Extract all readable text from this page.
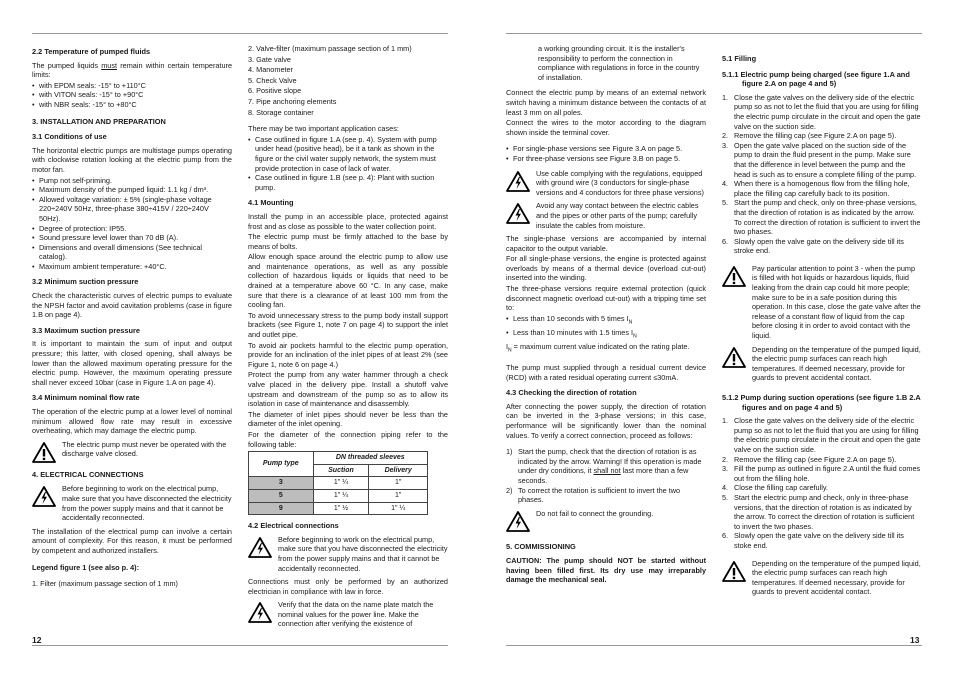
12	13
2.2 Temperature of pumped fluids

The pumped liquids must remain within certain temperature limits:

• with EPDM seals: -15° to +110°C
• with VITON seals: -15° to +90°C
• with NBR seals: -15° to +80°C
3. INSTALLATION AND PREPARATION
3.1 Conditions of use

The horizontal electric pumps are multistage pumps operating with clockwise rotation looking at the electric pump from the motor fan.

• Pump not self-priming.
• Maximum density of the pumped liquid: 1.1 kg / dm³.
• Allowed voltage variation: ± 5% (single-phase voltage 220÷240V 50Hz, three-phase 380÷415V / 220÷240V 50Hz).
• Degree of protection: IP55.
• Sound pressure level lower than 70 dB (A).
• Dimensions and overall dimensions (See technical catalog).
• Maximum ambient temperature: +40°C.
3.2 Minimum suction pressure

Check the characteristic curves of electric pumps to evaluate the NPSH factor and avoid cavitation problems (case in figure 1.B on page 4).

3.3 Maximum suction pressure

It is important to maintain the sum of input and output pressure; this latter, with closed opening, shall always be lower than the allowed maximum operating pressure for the electric pump. However, the maximum operating pressure shall never exceed 10bar (case in Figure 1.A on page 4).

3.4 Minimum nominal flow rate

The operation of the electric pump at a lower level of nominal minimum allowed flow rate may result in excessive overheating, which may damage the electric pump.

The electric pump must never be operated with the discharge valve closed.
4. ELECTRICAL CONNECTIONS
Before beginning to work on the electrical pump, make sure that you have disconnected the electricity from the power supply mains and that it cannot be accidentally reconnected.

The installation of the electrical pump can involve a certain amount of complexity. For this reason, it must be performed by competent and authorized installers.

Legend figure 1 (see also p. 4):

1. Filter (maximum passage section of 1 mm)

2. Valve-filter (maximum passage section of 1 mm)

3. Gate valve

4. Manometer

5. Check Valve

6. Positive slope

7. Pipe anchoring elements

8. Storage container

There may be two important application cases:

• Case outlined in figure 1.A (see p. 4). System with pump under head (positive head), be it a tank as shown in the figure or the civil water supply network, the system must provide protection in case of lack of water.
• Case outlined in figure 1.B (see p. 4): Plant with suction pump.
4.1 Mounting

Install the pump in an accessible place, protected against frost and as close as possible to the water collection point.

The electric pump must be firmly attached to the base by means of bolts.

Allow enough space around the electric pump to allow use and maintenance operations, as well as any possible collection of hazardous liquids or liquids that need to be drained at a temperature above 60 °C. In any case, make sure that there is a clearance of at least 100 mm from the cooling fan.

To avoid unnecessary stress to the pump body install support brackets (see Figure 1, note 7 on page 4) to support the inlet and outlet pipe.

To avoid air pockets harmful to the electric pump operation, provide for an inclination of the inlet pipes of at least 2% (see Figure 1, note 6 on page 4.)

Protect the pump from any water hammer through a check valve placed in the delivery pipe. Install a shutoff valve upstream and downstream of the pump so as to allow its isolation in case of maintenance and disassembly.

The diameter of inlet pipes should never be less than the diameter of the inlet opening.

For the diameter of the connection piping refer to the following table:

Pump type	DN threaded sleeves	
	Suction	Delivery
3	1" ¼	1"
5	1" ¼	1"
9	1" ½	1" ¼
4.2 Electrical connections
Before beginning to work on the electrical pump, make sure that you have disconnected the electricity from the power supply mains and that it cannot be accidentally reconnected.

Connections must only be performed by an authorized electrician in compliance with law in force.

Verify that the data on the name plate match the nominal values for the power line. Make the connection after verifying the existence of
a working grounding circuit. It is the installer's responsibility to perform the connection in compliance with regulations in force in the country of installation.

Connect the electric pump by means of an external network switch having a minimum distance between the contacts of at least 3 mm on all poles.

Connect the wires to the motor according to the diagram shown inside the terminal cover.

• For single-phase versions see Figure 3.A on page 5.
• For three-phase versions see Figure 3.B on page 5.
Use cable complying with the regulations, equipped with ground wire (3 conductors for single-phase versions and 4 conductors for three phase versions)
Avoid any way contact between the electric cables and the pipes or other parts of the pump; carefully insulate the cables from moisture.

The single-phase versions are accompanied by internal capacitor to the output variable.

For all single-phase versions, the engine is protected against overloads by means of a thermal device (overload cut-out) inserted into the winding.

The three-phase versions require external protection (quick disconnect magnetic overload cut-out) with a tripping time set to:

• Less than 10 seconds with 5 times $I_N$
• Less than 10 minutes with 1.5 times $I_N$

$I_N$ = maximum current value indicated on the rating plate.

The pump must supplied through a residual current device (RCD) with a rated residual operating current ≤30mA.

4.3 Checking the direction of rotation

After connecting the power supply, the direction of rotation can be inverted in the 3-phase versions; in this case, performance will be significantly lower than the nominal values. To verify a correct connection, proceed as follows:

1) Start the pump, check that the direction of rotation is as indicated by the arrow. Warning! If this operation is made under dry conditions, it shall not last more than a few seconds.
2) To correct the rotation is sufficient to invert the two phases.
Do not fail to connect the grounding.
5. COMMISSIONING

CAUTION: The pump should NOT be started without having been filled first. Its dry use may irreparably damage the mechanical seal.

5.1 Filling
5.1.1 Electric pump being charged (see figure 1.A and figure 2.A on page 4 and 5)
1. Close the gate valves on the delivery side of the electric pump so as not to let the fluid that you are using for filling the electric pump circulate in the circuit and open the gate valve on the suction side.
2. Remove the filling cap (see Figure 2.A on page 5).
3. Open the gate valve placed on the suction side of the pump to drain the fluid present in the pump. Make sure that the difference in level between the pump and the head is such as to ensure a complete filling of the pump.
4. When there is a homogenous flow from the filling hole, place the filling cap carefully back to its position.
5. Start the pump and check, only on three-phase versions, that the direction of rotation is as indicated by the arrow. To correct the direction of rotation is sufficient to invert the two phases.
6. Slowly open the valve gate on the delivery side till its stroke end.
Pay particular attention to point 3 - when the pump is filled with hot liquids or hazardous liquids, fluid leaking from the drain cap could hit more people; make sure to be in a safe position during this operation. In this case, close the gate valve after the release of a constant flow of liquid from the cap before closing it in order to avoid contact with the liquid.
Depending on the temperature of the pumped liquid, the electric pump surfaces can reach high temperatures. If deemed necessary, provide for guards to prevent accidental contact.
5.1.2 Pump during suction operations (see figure 1.B 2.A figures and on page 4 and 5)
1. Close the gate valves on the delivery side of the electric pump so as not to let the fluid that you are using for filling the electric pump circulate in the circuit and open the gate valve on the suction side.
2. Remove the filling cap (see Figure 2.A on page 5).
3. Fill the pump as outlined in figure 2.A until the fluid comes out from the filling hole.
4. Close the filling cap carefully.
5. Start the electric pump and check, only in three-phase versions, that the direction of rotation is as indicated by the arrow. To correct the direction of rotation is sufficient to invert the two phases.
6. Slowly open the gate valve on the delivery side till its stoke end.
Depending on the temperature of the pumped liquid, the electric pump surfaces can reach high temperatures. If deemed necessary, provide for guards to prevent accidental contact.
